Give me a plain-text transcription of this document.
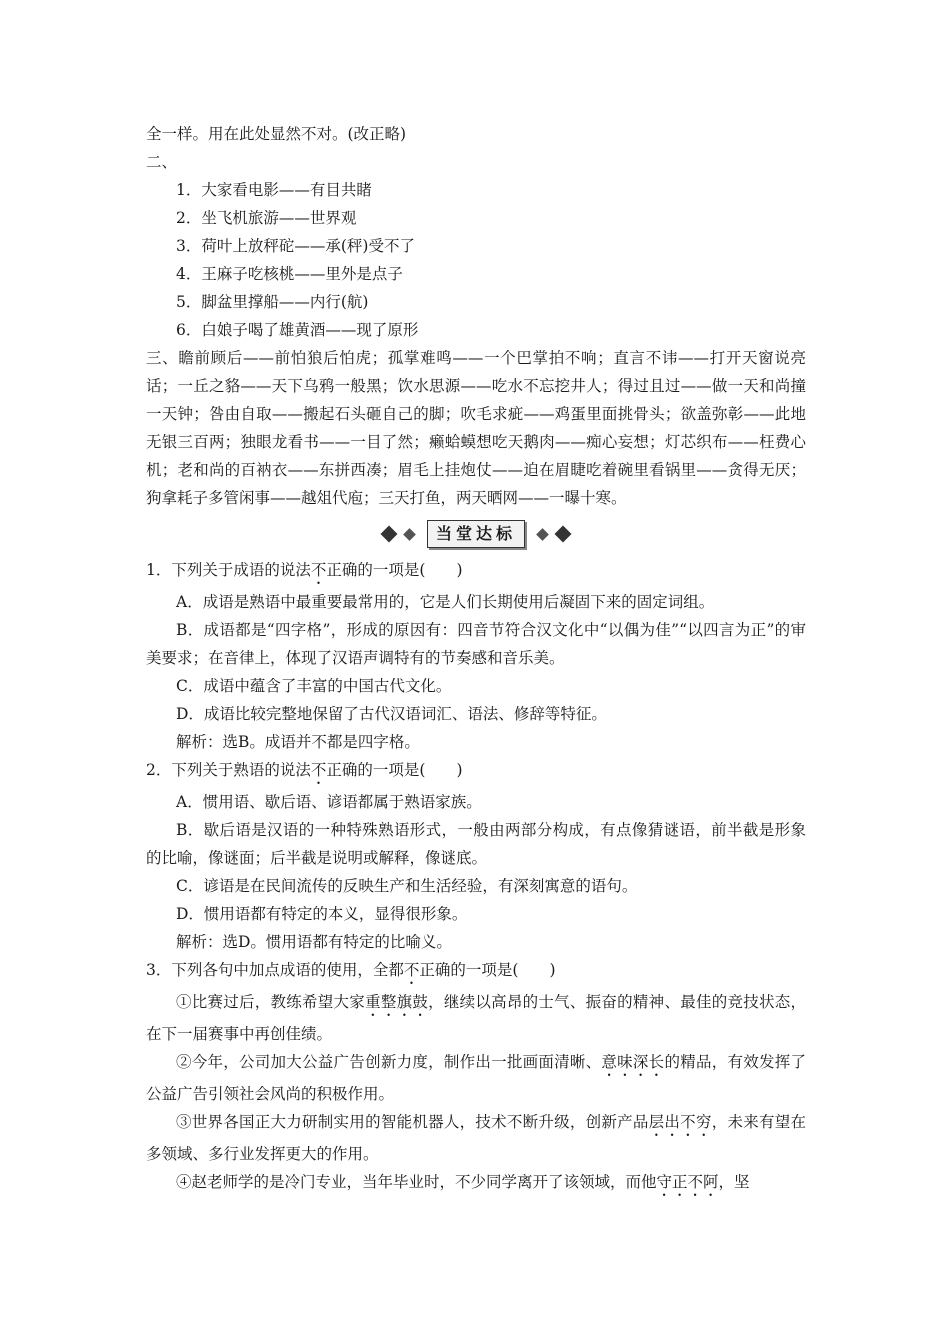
全一样。用在此处显然不对。(改正略)

二、

1．大家看电影——有目共睹

2．坐飞机旅游——世界观

3．荷叶上放秤砣——承(秤)受不了

4．王麻子吃核桃——里外是点子

5．脚盆里撑船——内行(航)

6．白娘子喝了雄黄酒——现了原形

三、瞻前顾后——前怕狼后怕虎；孤掌难鸣——一个巴掌拍不响；直言不讳——打开天窗说亮话；一丘之貉——天下乌鸦一般黑；饮水思源——吃水不忘挖井人；得过且过——做一天和尚撞一天钟；咎由自取——搬起石头砸自己的脚；吹毛求疵——鸡蛋里面挑骨头；欲盖弥彰——此地无银三百两；独眼龙看书——一目了然；癞蛤蟆想吃天鹅肉——痴心妄想；灯芯织布——枉费心机；老和尚的百衲衣——东拼西凑；眉毛上挂炮仗——迫在眉睫吃着碗里看锅里——贪得无厌；狗拿耗子多管闲事——越俎代庖；三天打鱼，两天晒网——一曝十寒。

当堂达标

1．下列关于成语的说法不正确的一项是(　　)

A．成语是熟语中最重要最常用的，它是人们长期使用后凝固下来的固定词组。

B．成语都是“四字格”，形成的原因有：四音节符合汉文化中“以偶为佳”“以四言为正”的审美要求；在音律上，体现了汉语声调特有的节奏感和音乐美。

C．成语中蕴含了丰富的中国古代文化。

D．成语比较完整地保留了古代汉语词汇、语法、修辞等特征。

解析：选B。成语并不都是四字格。

2．下列关于熟语的说法不正确的一项是(　　)

A．惯用语、歇后语、谚语都属于熟语家族。

B．歇后语是汉语的一种特殊熟语形式，一般由两部分构成，有点像猜谜语，前半截是形象的比喻，像谜面；后半截是说明或解释，像谜底。

C．谚语是在民间流传的反映生产和生活经验，有深刻寓意的语句。

D．惯用语都有特定的本义，显得很形象。

解析：选D。惯用语都有特定的比喻义。

3．下列各句中加点成语的使用，全都不正确的一项是(　　)

①比赛过后，教练希望大家重整旗鼓，继续以高昂的士气、振奋的精神、最佳的竞技状态，在下一届赛事中再创佳绩。

②今年，公司加大公益广告创新力度，制作出一批画面清晰、意味深长的精品，有效发挥了公益广告引领社会风尚的积极作用。

③世界各国正大力研制实用的智能机器人，技术不断升级，创新产品层出不穷，未来有望在多领域、多行业发挥更大的作用。

④赵老师学的是冷门专业，当年毕业时，不少同学离开了该领域，而他守正不阿，坚
